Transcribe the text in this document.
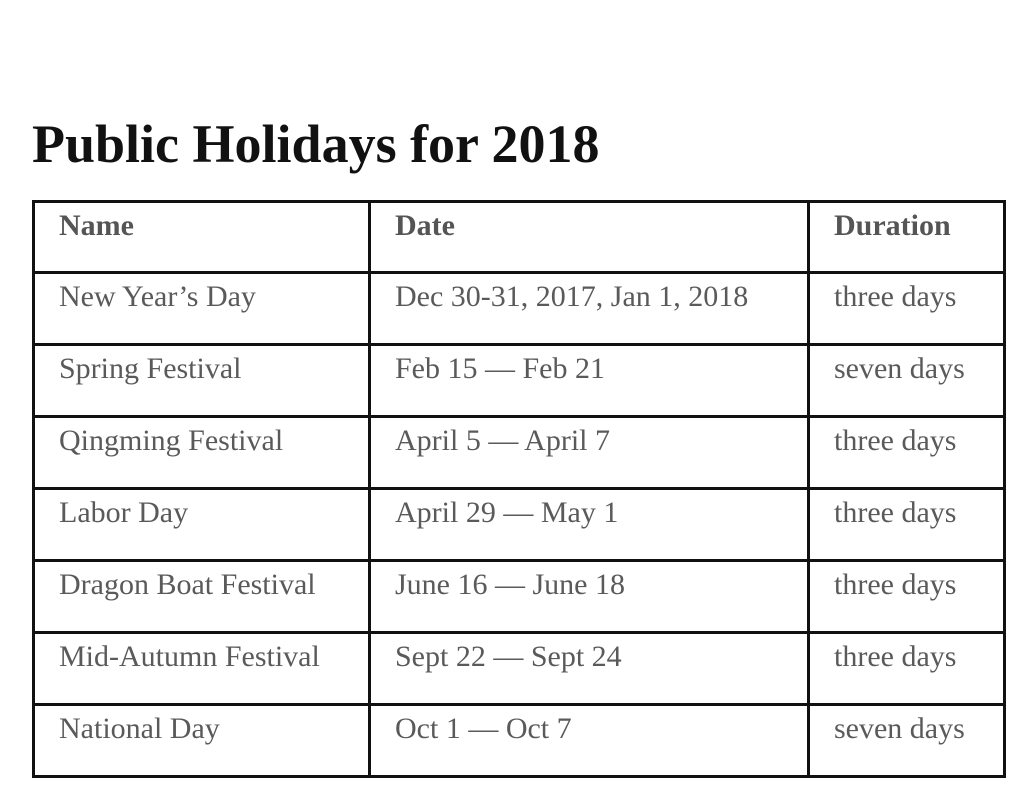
Public Holidays for 2018
Name	Date	Duration
New Year’s Day	Dec 30-31, 2017, Jan 1, 2018	three days
Spring Festival	Feb 15 — Feb 21	seven days
Qingming Festival	April 5 — April 7	three days
Labor Day	April 29 — May 1	three days
Dragon Boat Festival	June 16 — June 18	three days
Mid-Autumn Festival	Sept 22 — Sept 24	three days
National Day	Oct 1 — Oct 7	seven days
